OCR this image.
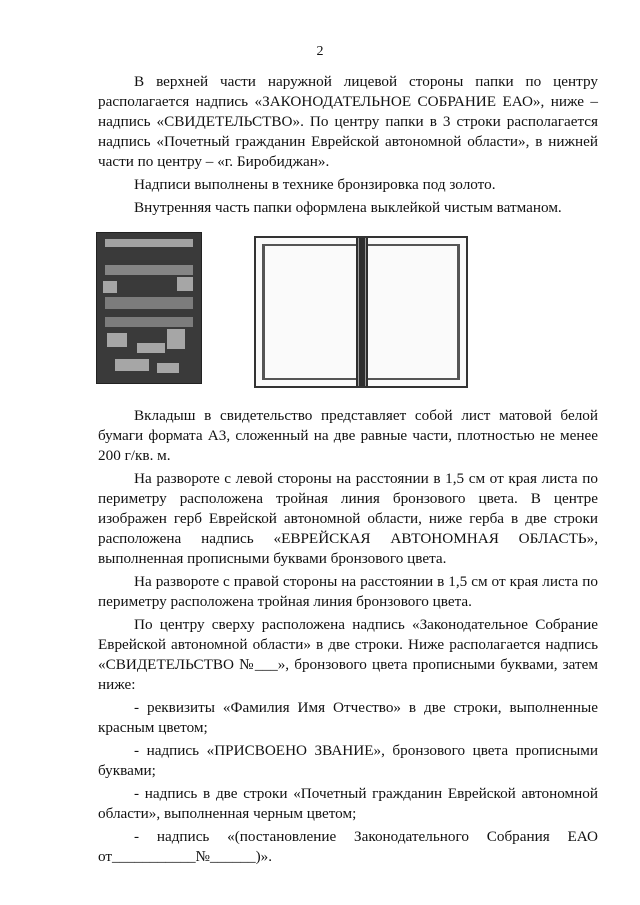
2

В верхней части наружной лицевой стороны папки по центру располагается надпись «ЗАКОНОДАТЕЛЬНОЕ СОБРАНИЕ ЕАО», ниже – надпись «СВИДЕТЕЛЬСТВО». По центру папки в 3 строки располагается надпись «Почетный гражданин Еврейской автономной области», в нижней части по центру – «г. Биробиджан».

Надписи выполнены в технике бронзировка под золото.

Внутренняя часть папки оформлена выклейкой чистым ватманом.

Вкладыш в свидетельство представляет собой лист матовой белой бумаги формата А3, сложенный на две равные части, плотностью не менее 200 г/кв. м.

На развороте с левой стороны на расстоянии в 1,5 см от края листа по периметру расположена тройная линия бронзового цвета. В центре изображен герб Еврейской автономной области, ниже герба в две строки расположена надпись «ЕВРЕЙСКАЯ АВТОНОМНАЯ ОБЛАСТЬ», выполненная прописными буквами бронзового цвета.

На развороте с правой стороны на расстоянии в 1,5 см от края листа по периметру расположена тройная линия бронзового цвета.

По центру сверху расположена надпись «Законодательное Собрание Еврейской автономной области» в две строки. Ниже располагается надпись «СВИДЕТЕЛЬСТВО №___», бронзового цвета прописными буквами, затем ниже:

- реквизиты «Фамилия Имя Отчество» в две строки, выполненные красным цветом;

- надпись «ПРИСВОЕНО ЗВАНИЕ», бронзового цвета прописными буквами;

- надпись в две строки «Почетный гражданин Еврейской автономной области», выполненная черным цветом;

- надпись «(постановление Законодательного Собрания ЕАО от___________№______)».
